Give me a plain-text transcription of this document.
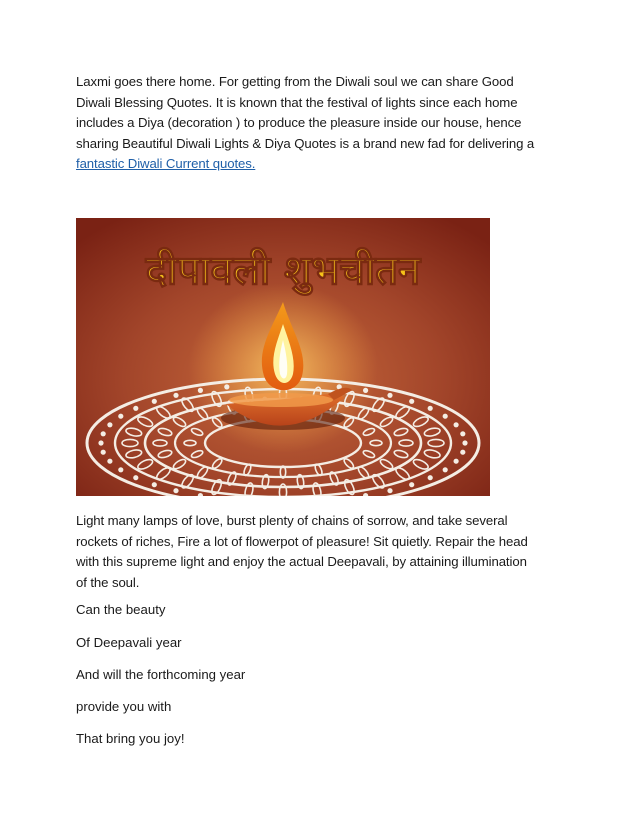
Laxmi goes there home. For getting from the Diwali soul we can share Good
Diwali Blessing Quotes. It is known that the festival of lights since each home
includes a Diya (decoration ) to produce the pleasure inside our house, hence
sharing Beautiful Diwali Lights & Diya Quotes is a brand new fad for delivering a
fantastic Diwali Current quotes.

दीपावली शुभचीतन

Light many lamps of love, burst plenty of chains of sorrow, and take several
rockets of riches, Fire a lot of flowerpot of pleasure! Sit quietly. Repair the head
with this supreme light and enjoy the actual Deepavali, by attaining illumination
of the soul.

Can the beauty

Of Deepavali year

And will the forthcoming year

provide you with

That bring you joy!
